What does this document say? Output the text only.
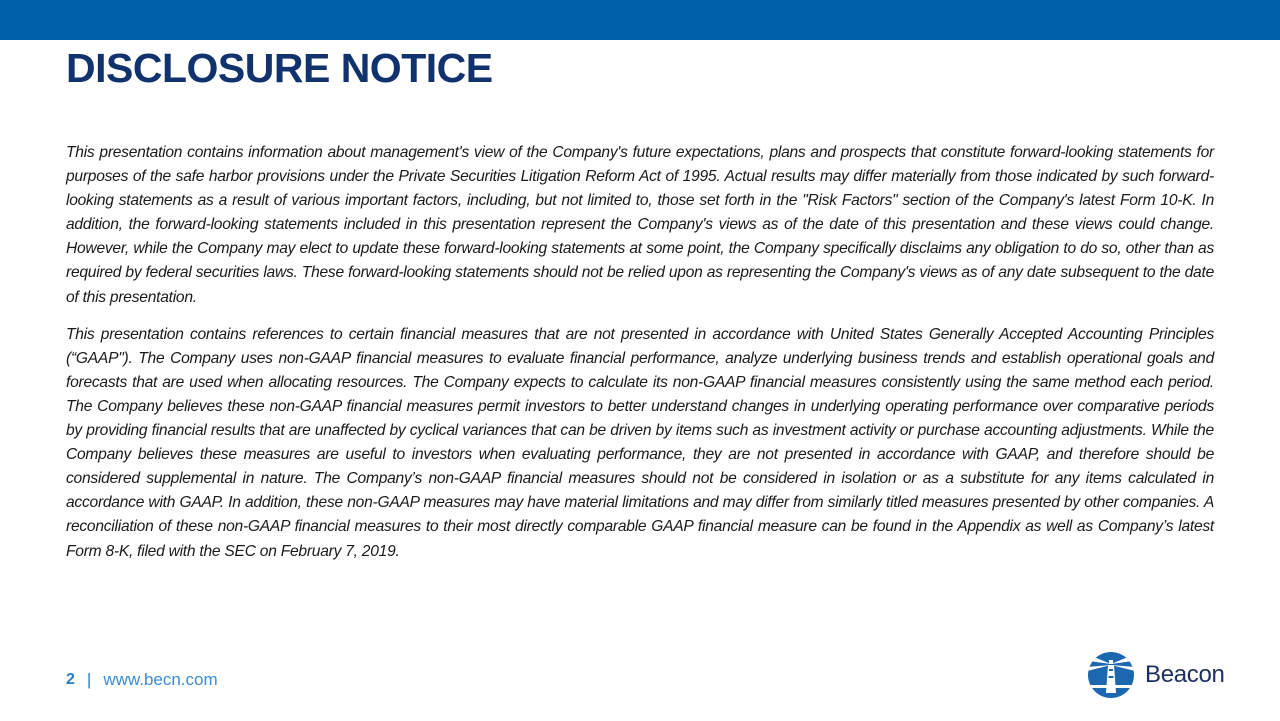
DISCLOSURE NOTICE

This presentation contains information about management's view of the Company's future expectations, plans and prospects that constitute forward-looking statements for purposes of the safe harbor provisions under the Private Securities Litigation Reform Act of 1995. Actual results may differ materially from those indicated by such forward-looking statements as a result of various important factors, including, but not limited to, those set forth in the "Risk Factors" section of the Company's latest Form 10-K. In addition, the forward-looking statements included in this presentation represent the Company's views as of the date of this presentation and these views could change. However, while the Company may elect to update these forward-looking statements at some point, the Company specifically disclaims any obligation to do so, other than as required by federal securities laws. These forward-looking statements should not be relied upon as representing the Company's views as of any date subsequent to the date of this presentation.

This presentation contains references to certain financial measures that are not presented in accordance with United States Generally Accepted Accounting Principles (“GAAP"). The Company uses non-GAAP financial measures to evaluate financial performance, analyze underlying business trends and establish operational goals and forecasts that are used when allocating resources. The Company expects to calculate its non-GAAP financial measures consistently using the same method each period. The Company believes these non-GAAP financial measures permit investors to better understand changes in underlying operating performance over comparative periods by providing financial results that are unaffected by cyclical variances that can be driven by items such as investment activity or purchase accounting adjustments. While the Company believes these measures are useful to investors when evaluating performance, they are not presented in accordance with GAAP, and therefore should be considered supplemental in nature. The Company’s non-GAAP financial measures should not be considered in isolation or as a substitute for any items calculated in accordance with GAAP. In addition, these non-GAAP measures may have material limitations and may differ from similarly titled measures presented by other companies. A reconciliation of these non-GAAP financial measures to their most directly comparable GAAP financial measure can be found in the Appendix as well as Company’s latest Form 8-K, filed with the SEC on February 7, 2019.

2 | www.becn.com	Beacon
